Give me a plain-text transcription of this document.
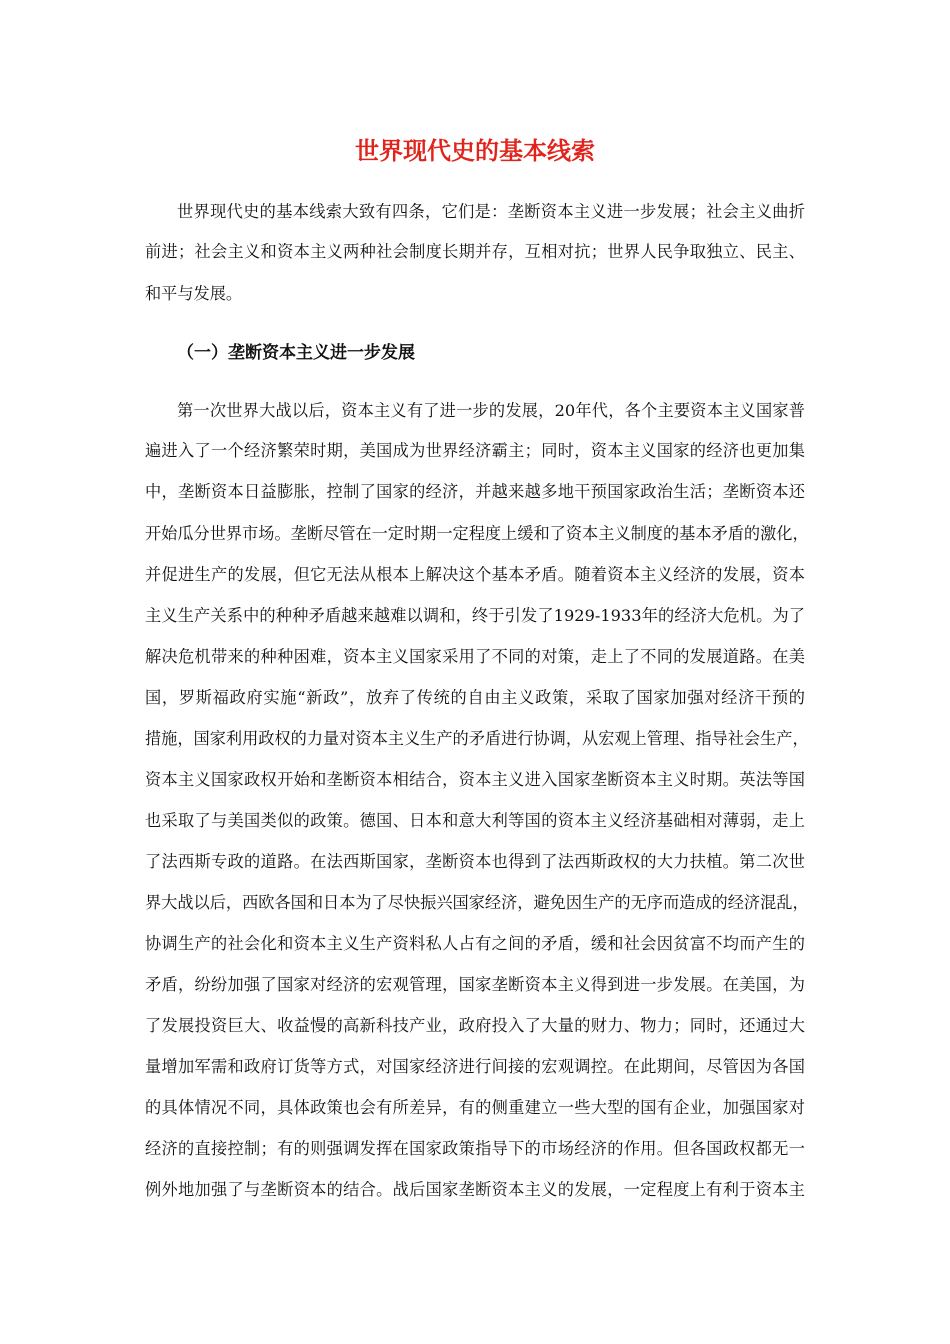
世界现代史的基本线索
世界现代史的基本线索大致有四条，它们是：垄断资本主义进一步发展；社会主义曲折
前进；社会主义和资本主义两种社会制度长期并存，互相对抗；世界人民争取独立、民主、
和平与发展。
（一）垄断资本主义进一步发展
第一次世界大战以后，资本主义有了进一步的发展，20年代，各个主要资本主义国家普
遍进入了一个经济繁荣时期，美国成为世界经济霸主；同时，资本主义国家的经济也更加集
中，垄断资本日益膨胀，控制了国家的经济，并越来越多地干预国家政治生活；垄断资本还
开始瓜分世界市场。垄断尽管在一定时期一定程度上缓和了资本主义制度的基本矛盾的激化，
并促进生产的发展，但它无法从根本上解决这个基本矛盾。随着资本主义经济的发展，资本
主义生产关系中的种种矛盾越来越难以调和，终于引发了1929-1933年的经济大危机。为了
解决危机带来的种种困难，资本主义国家采用了不同的对策，走上了不同的发展道路。在美
国，罗斯福政府实施“新政”，放弃了传统的自由主义政策，采取了国家加强对经济干预的
措施，国家利用政权的力量对资本主义生产的矛盾进行协调，从宏观上管理、指导社会生产，
资本主义国家政权开始和垄断资本相结合，资本主义进入国家垄断资本主义时期。英法等国
也采取了与美国类似的政策。德国、日本和意大利等国的资本主义经济基础相对薄弱，走上
了法西斯专政的道路。在法西斯国家，垄断资本也得到了法西斯政权的大力扶植。第二次世
界大战以后，西欧各国和日本为了尽快振兴国家经济，避免因生产的无序而造成的经济混乱，
协调生产的社会化和资本主义生产资料私人占有之间的矛盾，缓和社会因贫富不均而产生的
矛盾，纷纷加强了国家对经济的宏观管理，国家垄断资本主义得到进一步发展。在美国，为
了发展投资巨大、收益慢的高新科技产业，政府投入了大量的财力、物力；同时，还通过大
量增加军需和政府订货等方式，对国家经济进行间接的宏观调控。在此期间，尽管因为各国
的具体情况不同，具体政策也会有所差异，有的侧重建立一些大型的国有企业，加强国家对
经济的直接控制；有的则强调发挥在国家政策指导下的市场经济的作用。但各国政权都无一
例外地加强了与垄断资本的结合。战后国家垄断资本主义的发展，一定程度上有利于资本主
